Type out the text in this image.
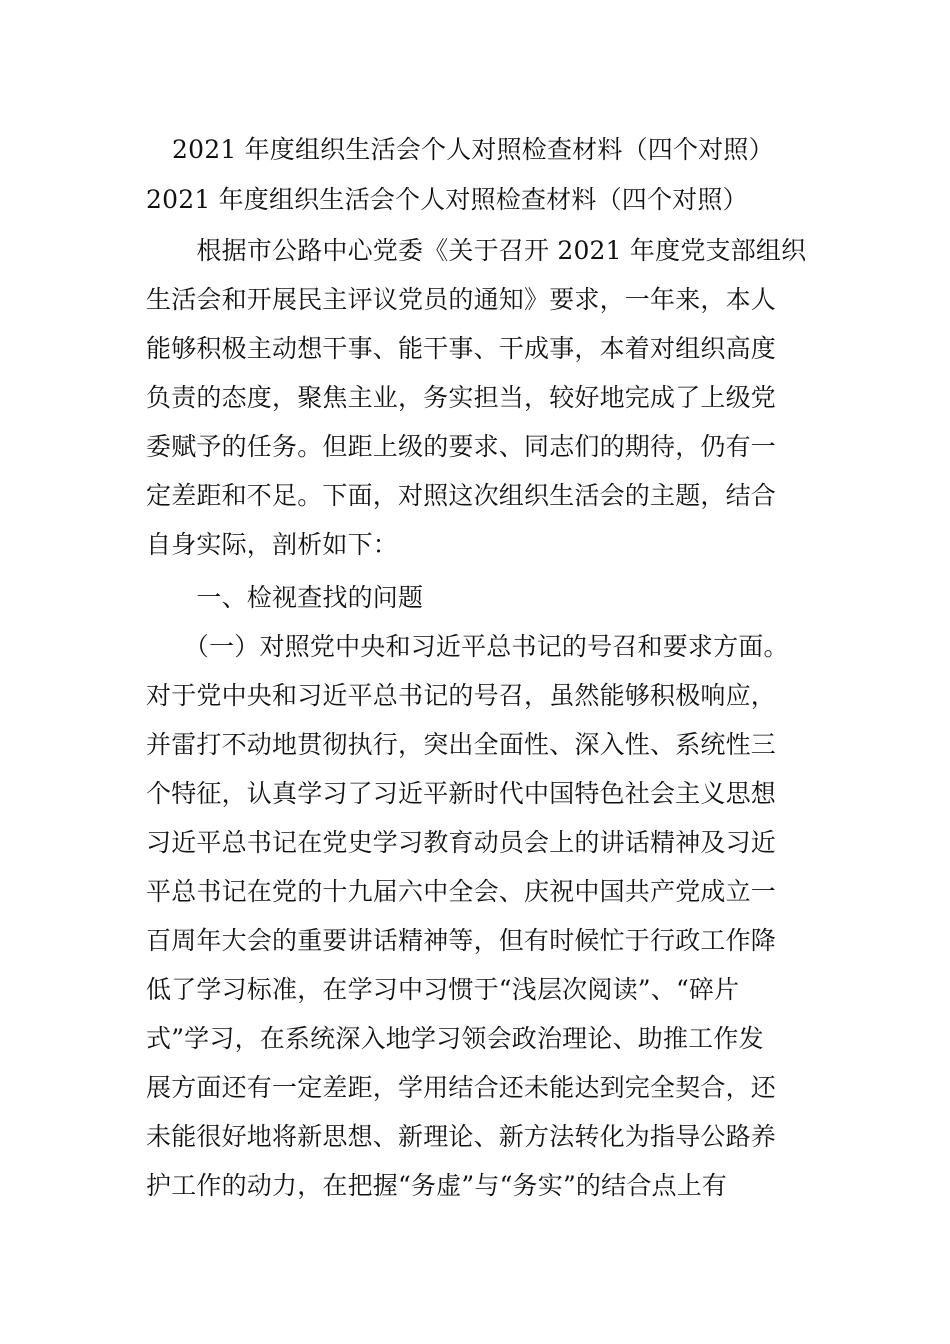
2021 年度组织生活会个人对照检查材料（四个对照）
2021 年度组织生活会个人对照检查材料（四个对照）
　　根据市公路中心党委《关于召开 2021 年度党支部组织
生活会和开展民主评议党员的通知》要求，一年来，本人
能够积极主动想干事、能干事、干成事，本着对组织高度
负责的态度，聚焦主业，务实担当，较好地完成了上级党
委赋予的任务。但距上级的要求、同志们的期待，仍有一
定差距和不足。下面，对照这次组织生活会的主题，结合
自身实际，剖析如下：
　　一、检视查找的问题
　　（一）对照党中央和习近平总书记的号召和要求方面。
对于党中央和习近平总书记的号召，虽然能够积极响应，
并雷打不动地贯彻执行，突出全面性、深入性、系统性三
个特征，认真学习了习近平新时代中国特色社会主义思想
习近平总书记在党史学习教育动员会上的讲话精神及习近
平总书记在党的十九届六中全会、庆祝中国共产党成立一
百周年大会的重要讲话精神等，但有时候忙于行政工作降
低了学习标准，在学习中习惯于“浅层次阅读”、“碎片
式”学习，在系统深入地学习领会政治理论、助推工作发
展方面还有一定差距，学用结合还未能达到完全契合，还
未能很好地将新思想、新理论、新方法转化为指导公路养
护工作的动力，在把握“务虚”与“务实”的结合点上有
